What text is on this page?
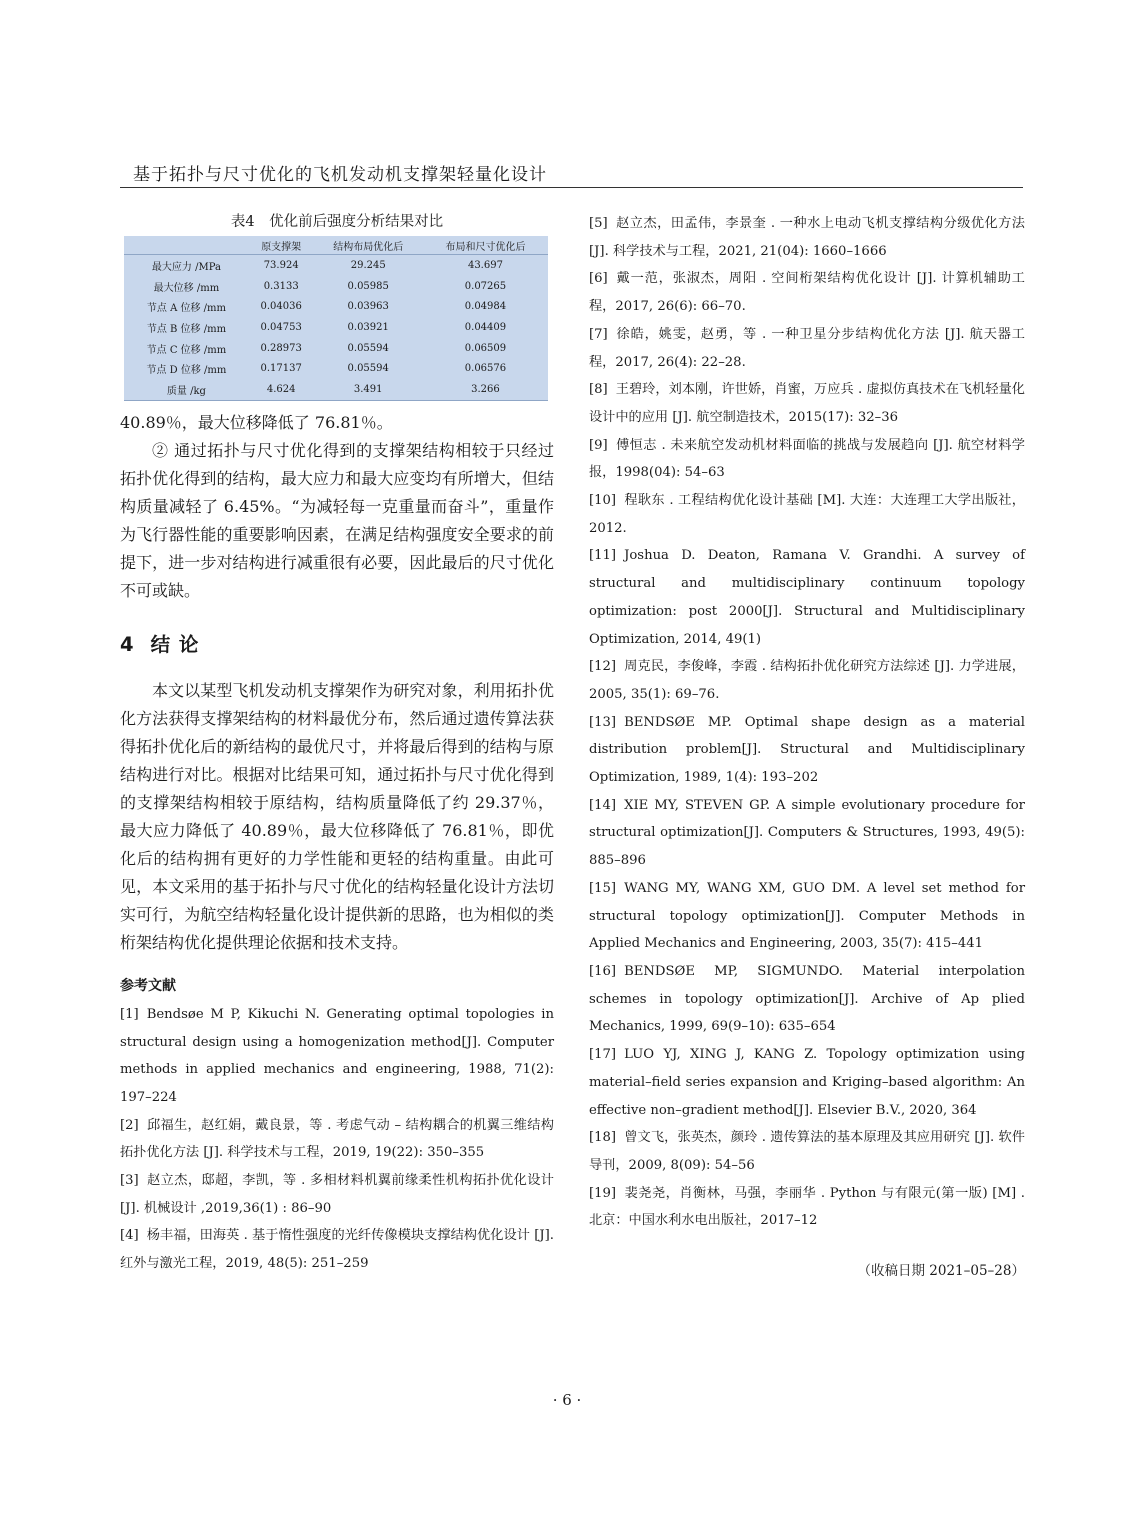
基于拓扑与尺寸优化的飞机发动机支撑架轻量化设计
表4　优化前后强度分析结果对比
	原支撑架	结构布局优化后	布局和尺寸优化后
最大应力 /MPa	73.924	29.245	43.697
最大位移 /mm	0.3133	0.05985	0.07265
节点 A 位移 /mm	0.04036	0.03963	0.04984
节点 B 位移 /mm	0.04753	0.03921	0.04409
节点 C 位移 /mm	0.28973	0.05594	0.06509
节点 D 位移 /mm	0.17137	0.05594	0.06576
质量 /kg	4.624	3.491	3.266

40.89％，最大位移降低了 76.81％。

② 通过拓扑与尺寸优化得到的支撑架结构相较于只经过拓扑优化得到的结构，最大应力和最大应变均有所增大，但结构质量减轻了 6.45%。“为减轻每一克重量而奋斗”，重量作为飞行器性能的重要影响因素，在满足结构强度安全要求的前提下，进一步对结构进行减重很有必要，因此最后的尺寸优化不可或缺。

4 结 论

本文以某型飞机发动机支撑架作为研究对象，利用拓扑优化方法获得支撑架结构的材料最优分布，然后通过遗传算法获得拓扑优化后的新结构的最优尺寸，并将最后得到的结构与原结构进行对比。根据对比结果可知，通过拓扑与尺寸优化得到的支撑架结构相较于原结构，结构质量降低了约 29.37％，最大应力降低了 40.89％，最大位移降低了 76.81％，即优化后的结构拥有更好的力学性能和更轻的结构重量。由此可见，本文采用的基于拓扑与尺寸优化的结构轻量化设计方法切实可行，为航空结构轻量化设计提供新的思路，也为相似的类桁架结构优化提供理论依据和技术支持。

参考文献

[1] Bendsøe M P, Kikuchi N. Generating optimal topologies in structural design using a homogenization method[J]. Computer methods in applied mechanics and engineering, 1988, 71(2): 197–224

[2] 邱福生，赵红娟，戴良景，等 . 考虑气动 – 结构耦合的机翼三维结构拓扑优化方法 [J]. 科学技术与工程，2019, 19(22): 350–355

[3] 赵立杰，邸超，李凯，等 . 多相材料机翼前缘柔性机构拓扑优化设计 [J]. 机械设计 ,2019,36(1) : 86–90

[4] 杨丰福，田海英 . 基于惰性强度的光纤传像模块支撑结构优化设计 [J]. 红外与激光工程，2019, 48(5): 251–259

[5] 赵立杰，田孟伟，李景奎 . 一种水上电动飞机支撑结构分级优化方法 [J]. 科学技术与工程，2021, 21(04): 1660–1666

[6] 戴一范，张淑杰，周阳 . 空间桁架结构优化设计 [J]. 计算机辅助工程，2017, 26(6): 66–70.

[7] 徐皓，姚雯，赵勇，等 . 一种卫星分步结构优化方法 [J]. 航天器工程，2017, 26(4): 22–28.

[8] 王碧玲，刘本刚，许世娇，肖蜜，万应兵 . 虚拟仿真技术在飞机轻量化设计中的应用 [J]. 航空制造技术，2015(17): 32–36

[9] 傅恒志 . 未来航空发动机材料面临的挑战与发展趋向 [J]. 航空材料学报，1998(04): 54–63

[10] 程耿东 . 工程结构优化设计基础 [M]. 大连：大连理工大学出版社，2012.

[11] Joshua D. Deaton, Ramana V. Grandhi. A survey of structural and multidisciplinary continuum topology optimization: post 2000[J]. Structural and Multidisciplinary Optimization, 2014, 49(1)

[12] 周克民，李俊峰，李霞 . 结构拓扑优化研究方法综述 [J]. 力学进展，2005, 35(1): 69–76.

[13] BENDSØE MP. Optimal shape design as a material distribution problem[J]. Structural and Multidisciplinary Optimization, 1989, 1(4): 193–202

[14] XIE MY, STEVEN GP. A simple evolutionary procedure for structural optimization[J]. Computers & Structures, 1993, 49(5): 885–896

[15] WANG MY, WANG XM, GUO DM. A level set method for structural topology optimization[J]. Computer Methods in Applied Mechanics and Engineering, 2003, 35(7): 415–441

[16] BENDSØE MP, SIGMUNDO. Material interpolation schemes in topology optimization[J]. Archive of Ap plied Mechanics, 1999, 69(9–10): 635–654

[17] LUO YJ, XING J, KANG Z. Topology optimization using material–field series expansion and Kriging–based algorithm: An effective non–gradient method[J]. Elsevier B.V., 2020, 364

[18] 曾文飞，张英杰，颜玲 . 遗传算法的基本原理及其应用研究 [J]. 软件导刊，2009, 8(09): 54–56

[19] 裴尧尧，肖衡林，马强，李丽华 . Python 与有限元(第一版) [M] . 北京：中国水利水电出版社，2017–12

（收稿日期 2021–05–28）
· 6 ·
